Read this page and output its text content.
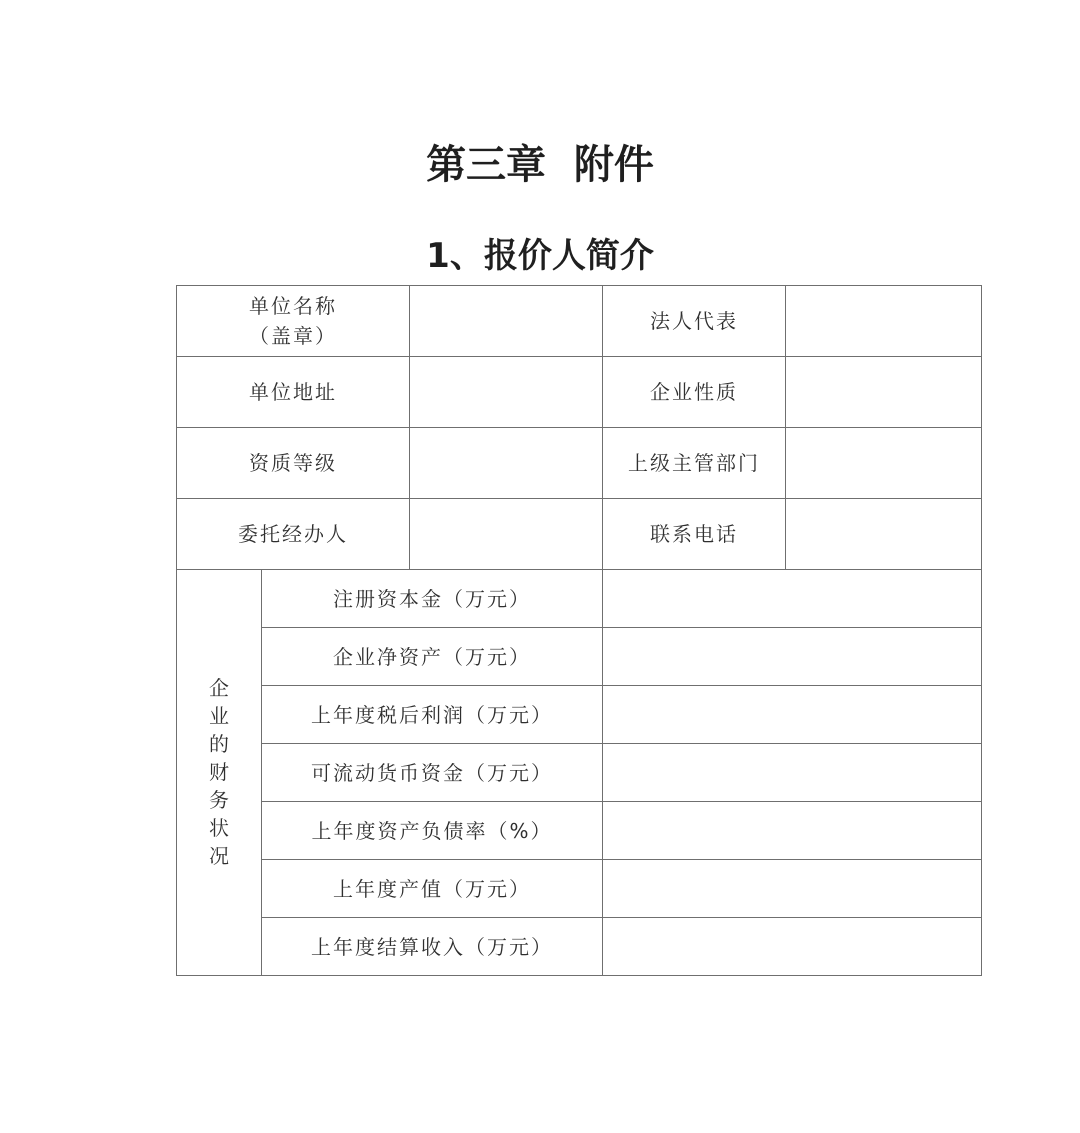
第三章  附件
1、报价人简介
单位名称
（盖章）			法人代表	
单位地址			企业性质	
资质等级			上级主管部门	
委托经办人			联系电话	
企业的财务状况	注册资本金（万元）			
	企业净资产（万元）			
	上年度税后利润（万元）			
	可流动货币资金（万元）			
	上年度资产负债率（%）			
	上年度产值（万元）			
	上年度结算收入（万元）			
